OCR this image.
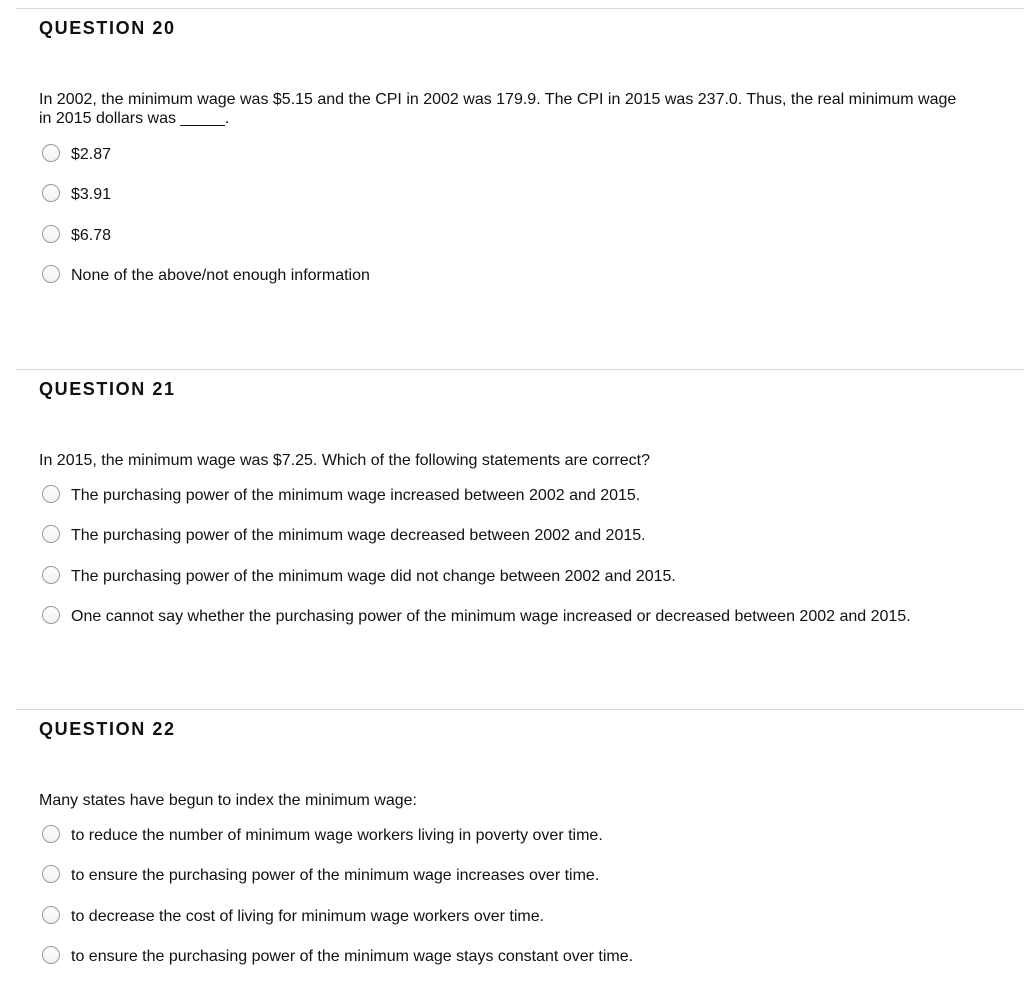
QUESTION 20
In 2002, the minimum wage was $5.15 and the CPI in 2002 was 179.9. The CPI in 2015 was 237.0. Thus, the real minimum wage in 2015 dollars was _____.
$2.87
$3.91
$6.78
None of the above/not enough information
QUESTION 21
In 2015, the minimum wage was $7.25. Which of the following statements are correct?
The purchasing power of the minimum wage increased between 2002 and 2015.
The purchasing power of the minimum wage decreased between 2002 and 2015.
The purchasing power of the minimum wage did not change between 2002 and 2015.
One cannot say whether the purchasing power of the minimum wage increased or decreased between 2002 and 2015.
QUESTION 22
Many states have begun to index the minimum wage:
to reduce the number of minimum wage workers living in poverty over time.
to ensure the purchasing power of the minimum wage increases over time.
to decrease the cost of living for minimum wage workers over time.
to ensure the purchasing power of the minimum wage stays constant over time.
